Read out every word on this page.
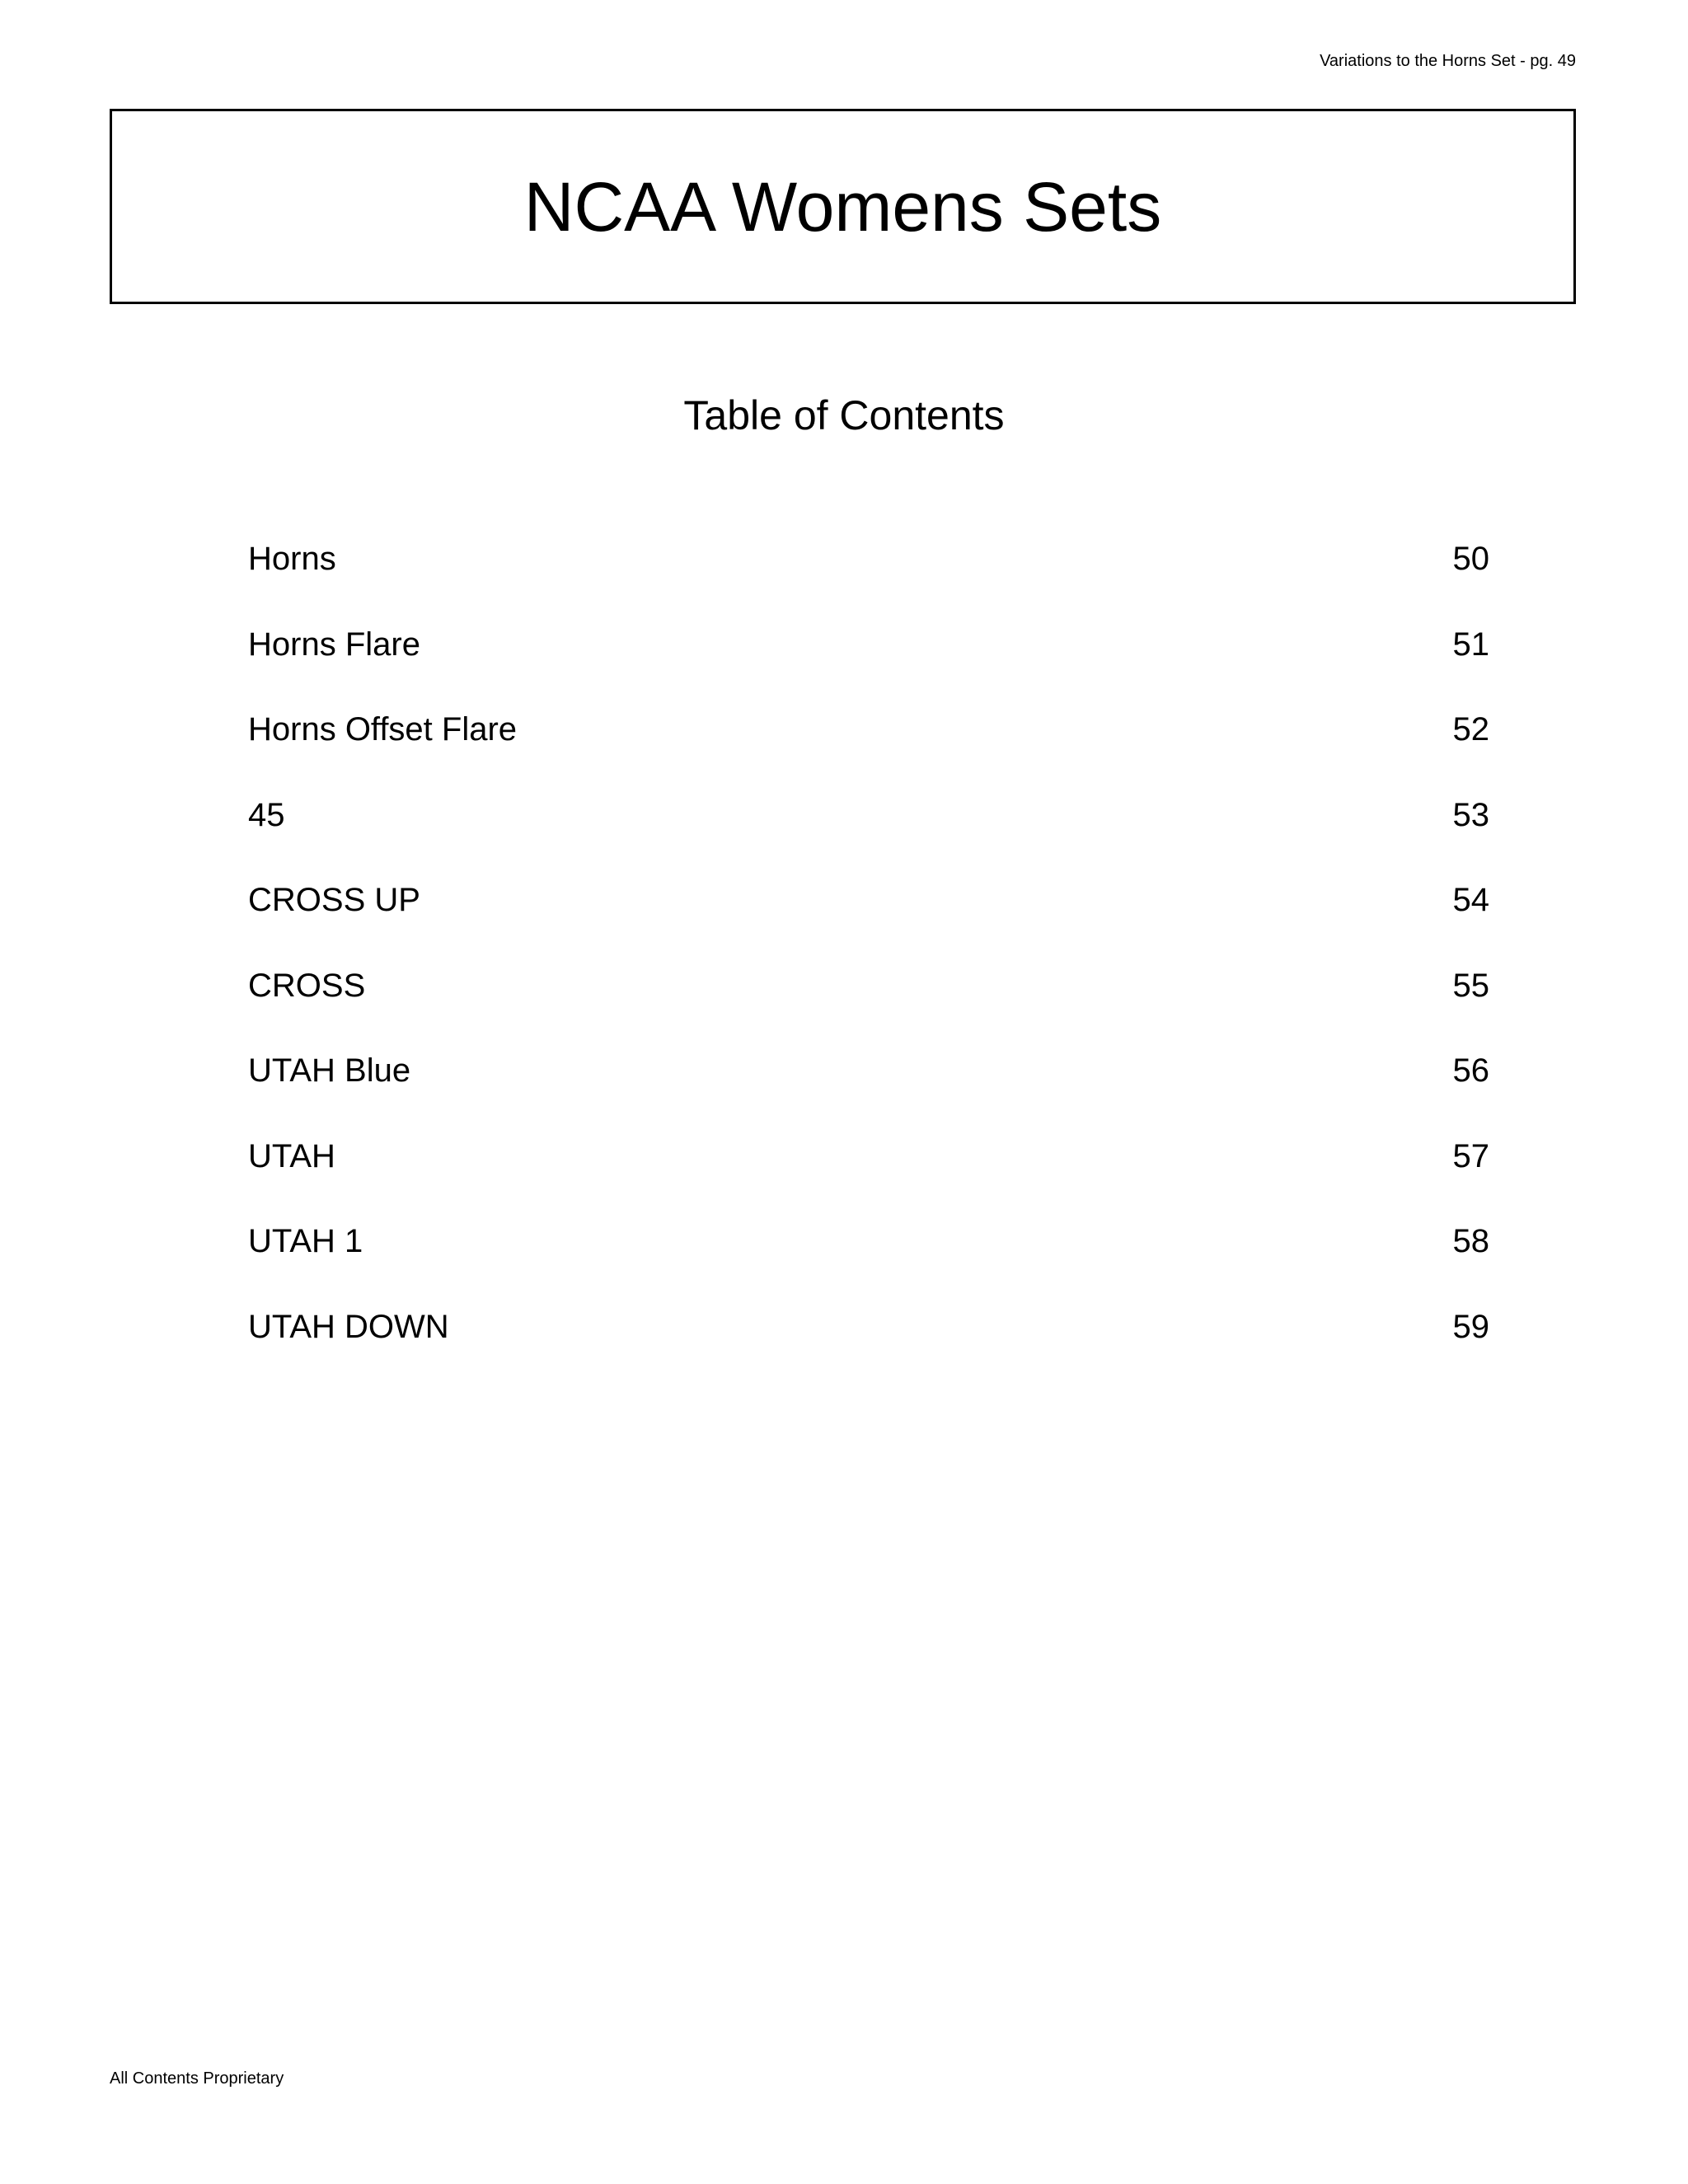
Variations to the Horns Set - pg. 49
NCAA Womens Sets
Table of Contents
Horns	50
Horns Flare	51
Horns Offset Flare	52
45	53
CROSS UP	54
CROSS	55
UTAH Blue	56
UTAH	57
UTAH 1	58
UTAH DOWN	59
All Contents Proprietary
